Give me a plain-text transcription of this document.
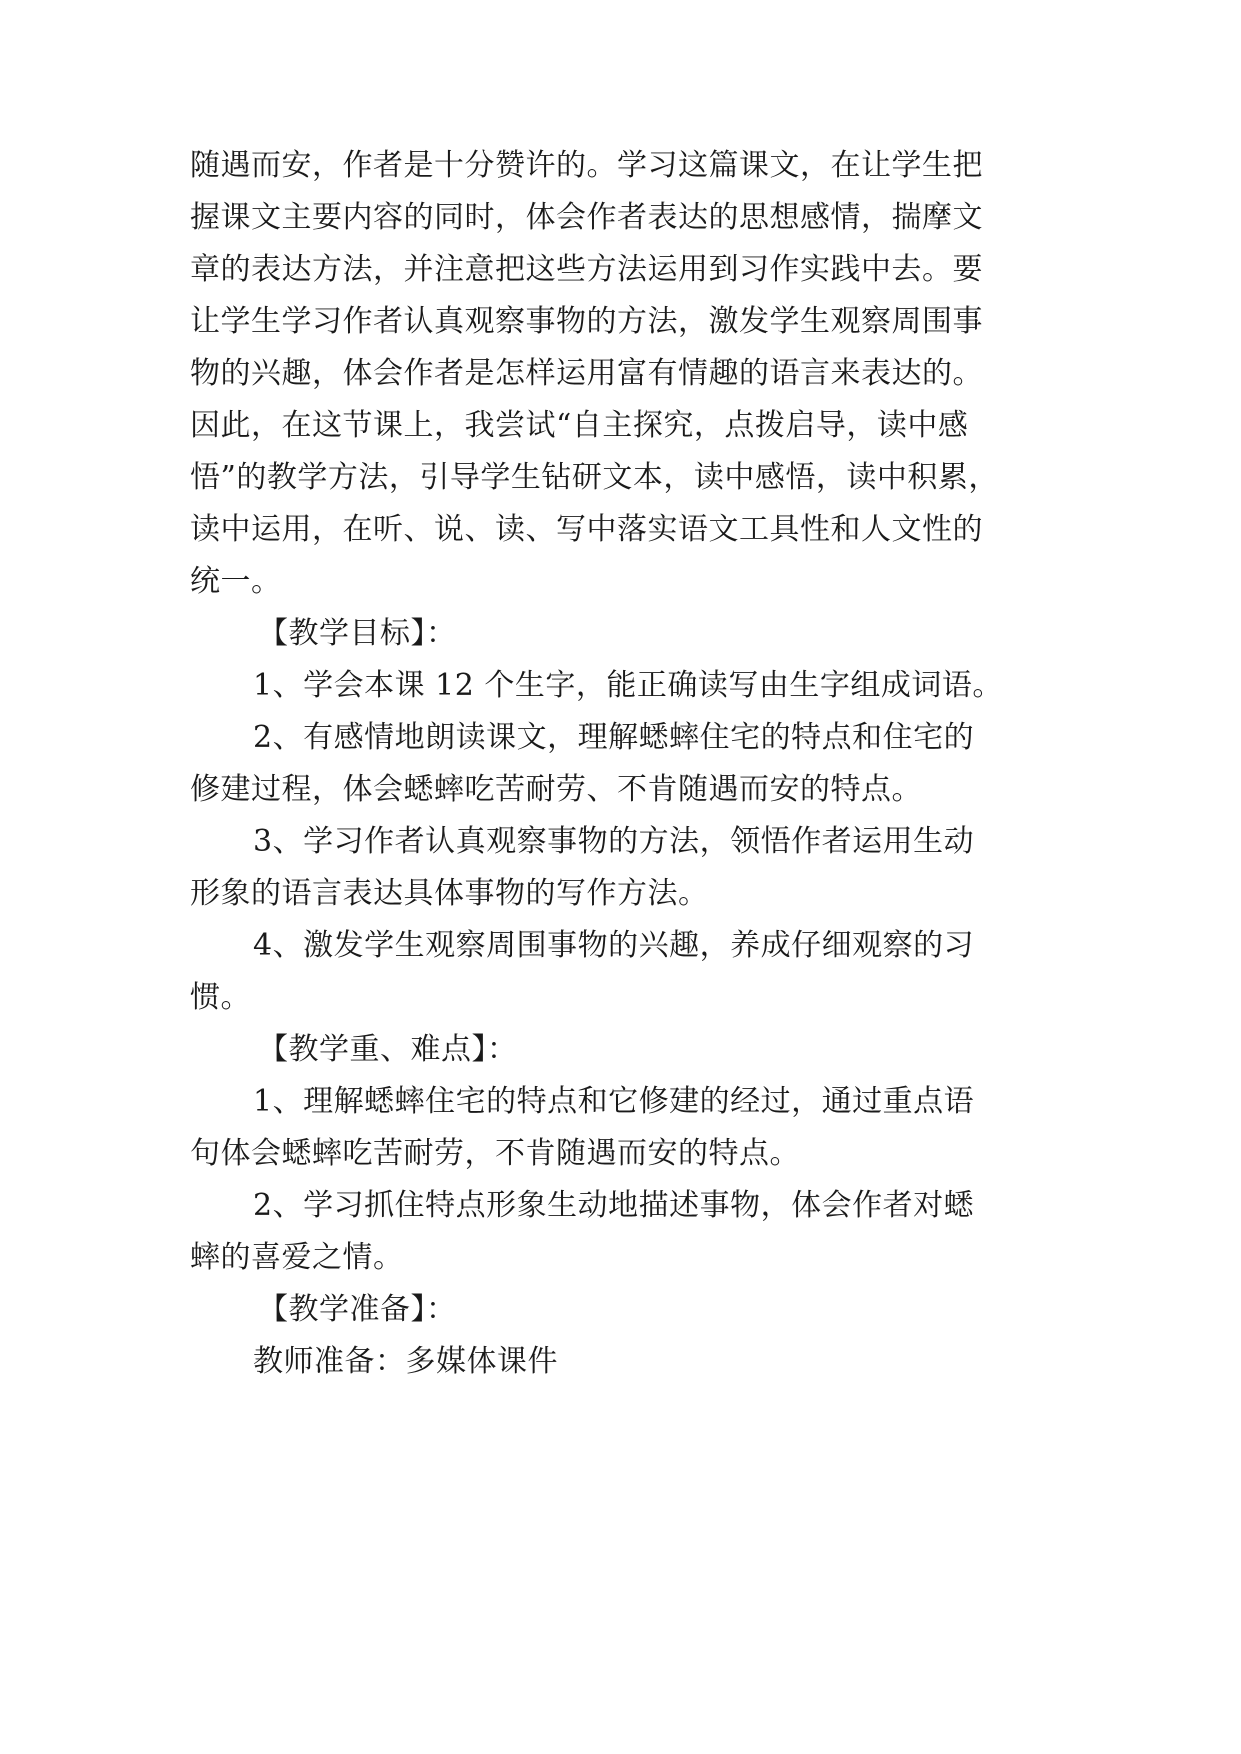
随遇而安，作者是十分赞许的。学习这篇课文，在让学生把
握课文主要内容的同时，体会作者表达的思想感情，揣摩文
章的表达方法，并注意把这些方法运用到习作实践中去。要
让学生学习作者认真观察事物的方法，激发学生观察周围事
物的兴趣，体会作者是怎样运用富有情趣的语言来表达的。
因此，在这节课上，我尝试“自主探究，点拨启导，读中感
悟”的教学方法，引导学生钻研文本，读中感悟，读中积累，
读中运用，在听、说、读、写中落实语文工具性和人文性的
统一。
【教学目标】：
1、学会本课 12 个生字，能正确读写由生字组成词语。
2、有感情地朗读课文，理解蟋蟀住宅的特点和住宅的
修建过程，体会蟋蟀吃苦耐劳、不肯随遇而安的特点。
3、学习作者认真观察事物的方法，领悟作者运用生动
形象的语言表达具体事物的写作方法。
4、激发学生观察周围事物的兴趣，养成仔细观察的习
惯。
【教学重、难点】：
1、理解蟋蟀住宅的特点和它修建的经过，通过重点语
句体会蟋蟀吃苦耐劳，不肯随遇而安的特点。
2、学习抓住特点形象生动地描述事物，体会作者对蟋
蟀的喜爱之情。
【教学准备】：
教师准备：多媒体课件
